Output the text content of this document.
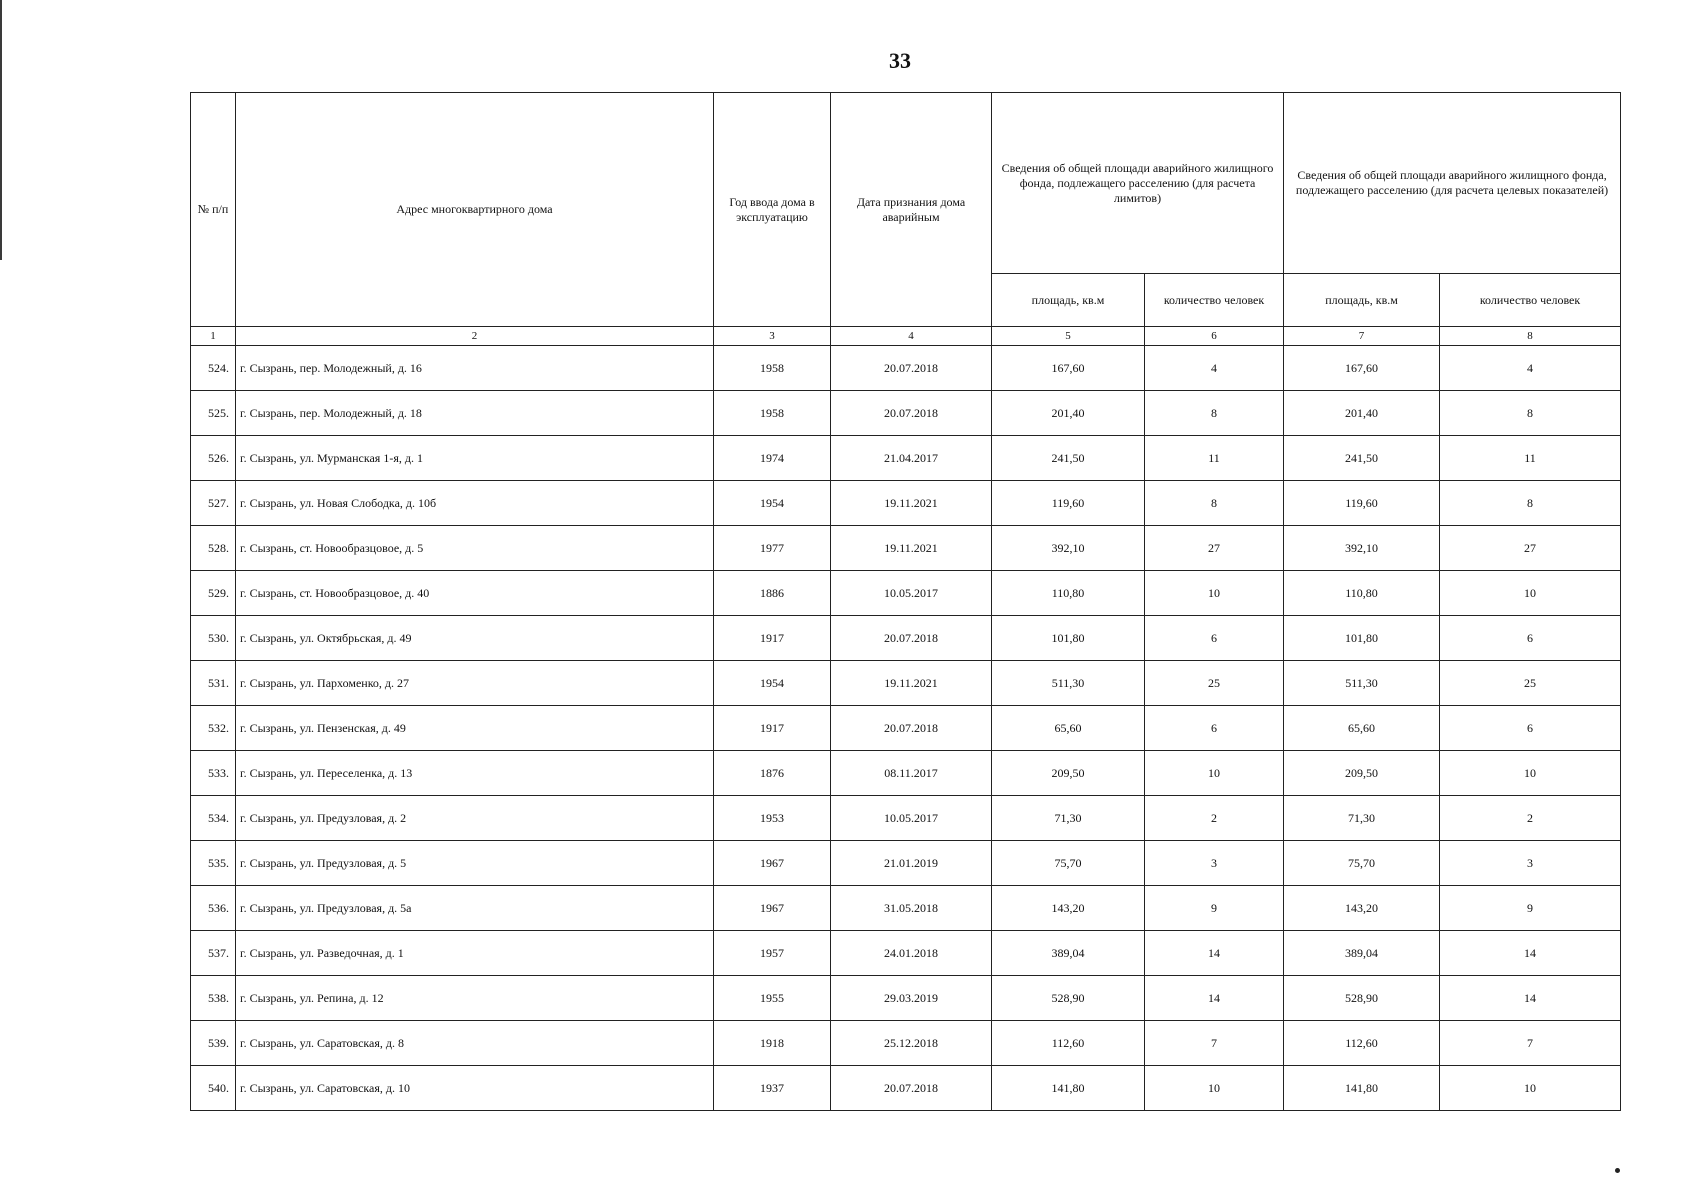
33
№ п/п	Адрес многоквартирного дома	Год ввода дома в эксплуатацию	Дата признания дома аварийным	Сведения об общей площади аварийного жилищного фонда, подлежащего расселению (для расчета лимитов)		Сведения об общей площади аварийного жилищного фонда, подлежащего расселению (для расчета целевых показателей)	
				площадь, кв.м	количество человек	площадь, кв.м	количество человек
1	2	3	4	5	6	7	8
524.	г. Сызрань, пер. Молодежный, д. 16	1958	20.07.2018	167,60	4	167,60	4
525.	г. Сызрань, пер. Молодежный, д. 18	1958	20.07.2018	201,40	8	201,40	8
526.	г. Сызрань, ул. Мурманская 1-я, д. 1	1974	21.04.2017	241,50	11	241,50	11
527.	г. Сызрань, ул. Новая Слободка, д. 10б	1954	19.11.2021	119,60	8	119,60	8
528.	г. Сызрань, ст. Новообразцовое, д. 5	1977	19.11.2021	392,10	27	392,10	27
529.	г. Сызрань, ст. Новообразцовое, д. 40	1886	10.05.2017	110,80	10	110,80	10
530.	г. Сызрань, ул. Октябрьская, д. 49	1917	20.07.2018	101,80	6	101,80	6
531.	г. Сызрань, ул. Пархоменко, д. 27	1954	19.11.2021	511,30	25	511,30	25
532.	г. Сызрань, ул. Пензенская, д. 49	1917	20.07.2018	65,60	6	65,60	6
533.	г. Сызрань, ул. Переселенка, д. 13	1876	08.11.2017	209,50	10	209,50	10
534.	г. Сызрань, ул. Предузловая, д. 2	1953	10.05.2017	71,30	2	71,30	2
535.	г. Сызрань, ул. Предузловая, д. 5	1967	21.01.2019	75,70	3	75,70	3
536.	г. Сызрань, ул. Предузловая, д. 5а	1967	31.05.2018	143,20	9	143,20	9
537.	г. Сызрань, ул. Разведочная, д. 1	1957	24.01.2018	389,04	14	389,04	14
538.	г. Сызрань, ул. Репина, д. 12	1955	29.03.2019	528,90	14	528,90	14
539.	г. Сызрань, ул. Саратовская, д. 8	1918	25.12.2018	112,60	7	112,60	7
540.	г. Сызрань, ул. Саратовская, д. 10	1937	20.07.2018	141,80	10	141,80	10
